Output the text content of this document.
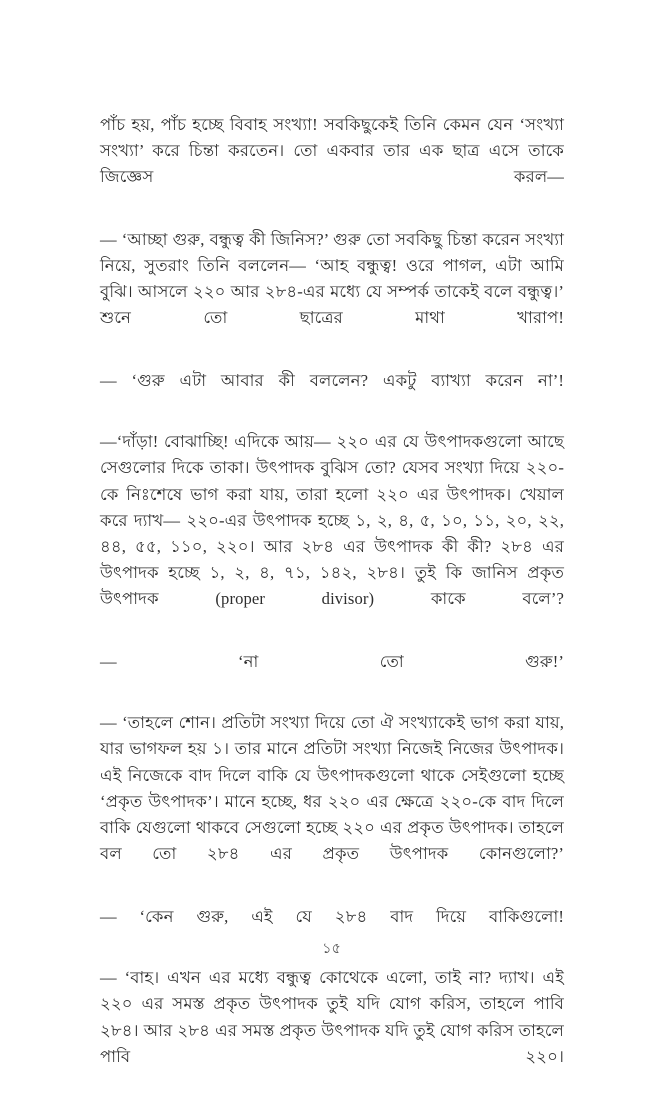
পাঁচ হয়, পাঁচ হচ্ছে বিবাহ সংখ্যা! সবকিছুকেই তিনি কেমন যেন ‘সংখ্যা সংখ্যা’ করে চিন্তা করতেন। তো একবার তার এক ছাত্র এসে তাকে জিজ্ঞেস করল—

— ‘আচ্ছা গুরু, বন্ধুত্ব কী জিনিস?’ গুরু তো সবকিছু চিন্তা করেন সংখ্যা নিয়ে, সুতরাং তিনি বললেন— ‘আহ বন্ধুত্ব! ওরে পাগল, এটা আমি বুঝি। আসলে ২২০ আর ২৮৪-এর মধ্যে যে সম্পর্ক তাকেই বলে বন্ধুত্ব।’ শুনে তো ছাত্রের মাথা খারাপ!

— ‘গুরু এটা আবার কী বললেন? একটু ব্যাখ্যা করেন না’!

—‘দাঁড়া! বোঝাচ্ছি! এদিকে আয়— ২২০ এর যে উৎপাদকগুলো আছে সেগুলোর দিকে তাকা। উৎপাদক বুঝিস তো? যেসব সংখ্যা দিয়ে ২২০-কে নিঃশেষে ভাগ করা যায়, তারা হলো ২২০ এর উৎপাদক। খেয়াল করে দ্যাখ— ২২০-এর উৎপাদক হচ্ছে ১, ২, ৪, ৫, ১০, ১১, ২০, ২২, ৪৪, ৫৫, ১১০, ২২০। আর ২৮৪ এর উৎপাদক কী কী? ২৮৪ এর উৎপাদক হচ্ছে ১, ২, ৪, ৭১, ১৪২, ২৮৪। তুই কি জানিস প্রকৃত উৎপাদক (proper divisor) কাকে বলে’?

— ‘না তো গুরু!’

— ‘তাহলে শোন। প্রতিটা সংখ্যা দিয়ে তো ঐ সংখ্যাকেই ভাগ করা যায়, যার ভাগফল হয় ১। তার মানে প্রতিটা সংখ্যা নিজেই নিজের উৎপাদক। এই নিজেকে বাদ দিলে বাকি যে উৎপাদকগুলো থাকে সেইগুলো হচ্ছে ‘প্রকৃত উৎপাদক’। মানে হচ্ছে, ধর ২২০ এর ক্ষেত্রে ২২০-কে বাদ দিলে বাকি যেগুলো থাকবে সেগুলো হচ্ছে ২২০ এর প্রকৃত উৎপাদক। তাহলে বল তো ২৮৪ এর প্রকৃত উৎপাদক কোনগুলো?’

— ‘কেন গুরু, এই যে ২৮৪ বাদ দিয়ে বাকিগুলো!

— ‘বাহ। এখন এর মধ্যে বন্ধুত্ব কোথেকে এলো, তাই না? দ্যাখ। এই ২২০ এর সমস্ত প্রকৃত উৎপাদক তুই যদি যোগ করিস, তাহলে পাবি ২৮৪। আর ২৮৪ এর সমস্ত প্রকৃত উৎপাদক যদি তুই যোগ করিস তাহলে পাবি ২২০।

১৫
